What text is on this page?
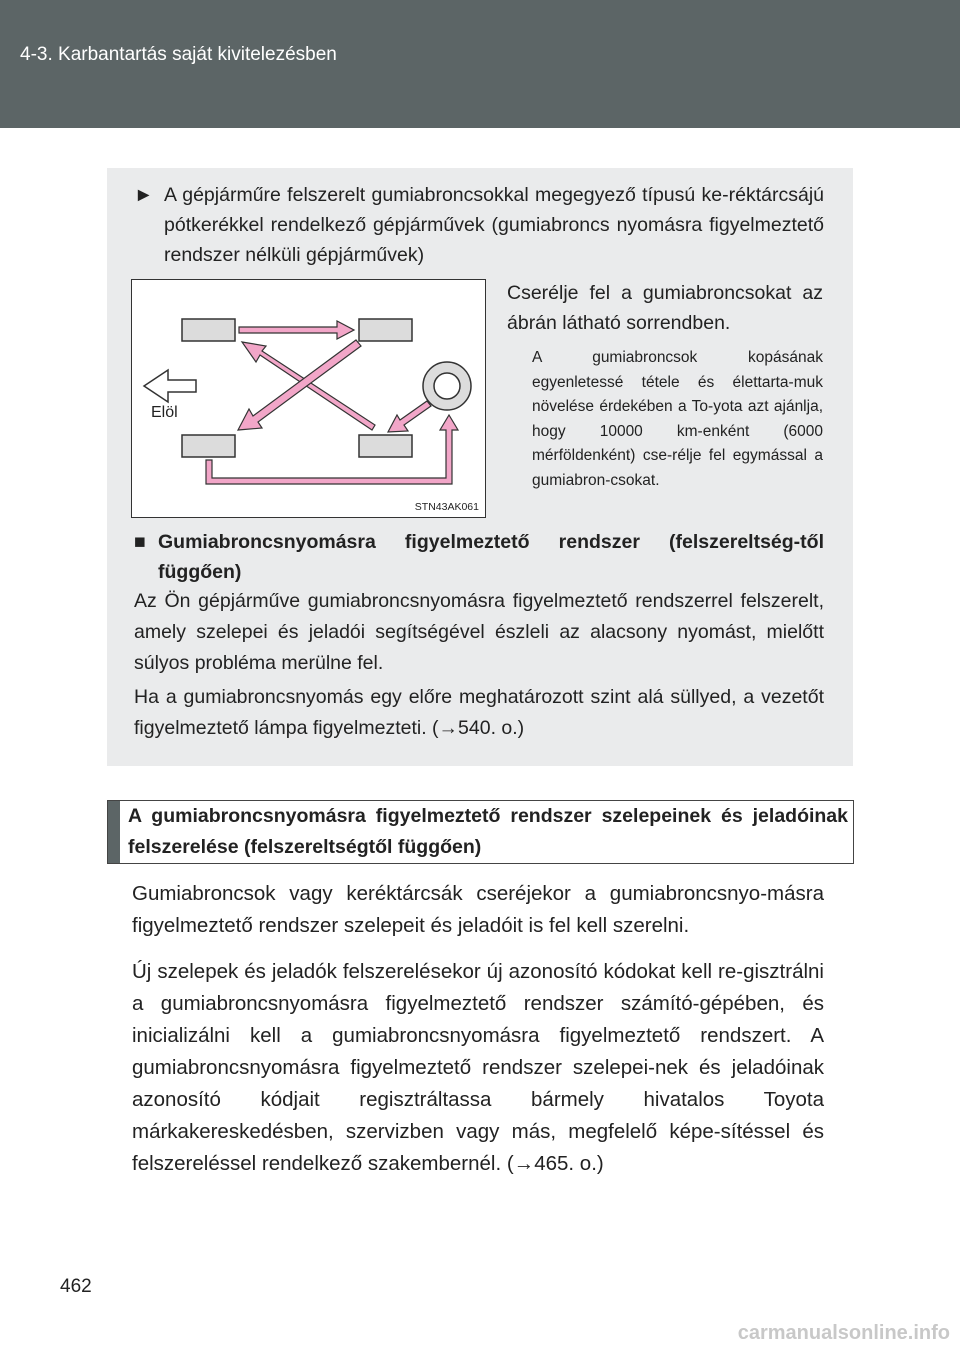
4-3. Karbantartás saját kivitelezésben
► A gépjárműre felszerelt gumiabroncsokkal megegyező típusú ke-réktárcsájú pótkerékkel rendelkező gépjárművek (gumiabroncs nyomásra figyelmeztető rendszer nélküli gépjárművek)
Elöl
STN43AK061
Cserélje fel a gumiabroncsokat az ábrán látható sorrendben.
A gumiabroncsok kopásának egyenletessé tétele és élettarta-muk növelése érdekében a To-yota azt ajánlja, hogy 10000 km-enként (6000 mérföldenként) cse-rélje fel egymással a gumiabron-csokat.
■ Gumiabroncsnyomásra figyelmeztető rendszer (felszereltség-től függően)
Az Ön gépjárműve gumiabroncsnyomásra figyelmeztető rendszerrel felszerelt, amely szelepei és jeladói segítségével észleli az alacsony nyomást, mielőtt súlyos probléma merülne fel.
Ha a gumiabroncsnyomás egy előre meghatározott szint alá süllyed, a vezetőt figyelmeztető lámpa figyelmezteti. (→540. o.)
A gumiabroncsnyomásra figyelmeztető rendszer szelepeinek és jeladóinak felszerelése (felszereltségtől függően)
Gumiabroncsok vagy keréktárcsák cseréjekor a gumiabroncsnyo-másra figyelmeztető rendszer szelepeit és jeladóit is fel kell szerelni.
Új szelepek és jeladók felszerelésekor új azonosító kódokat kell re-gisztrálni a gumiabroncsnyomásra figyelmeztető rendszer számító-gépében, és inicializálni kell a gumiabroncsnyomásra figyelmeztető rendszert. A gumiabroncsnyomásra figyelmeztető rendszer szelepei-nek és jeladóinak azonosító kódjait regisztráltassa bármely hivatalos Toyota márkakereskedésben, szervizben vagy más, megfelelő képe-sítéssel és felszereléssel rendelkező szakembernél. (→465. o.)
462
carmanualsonline.info
